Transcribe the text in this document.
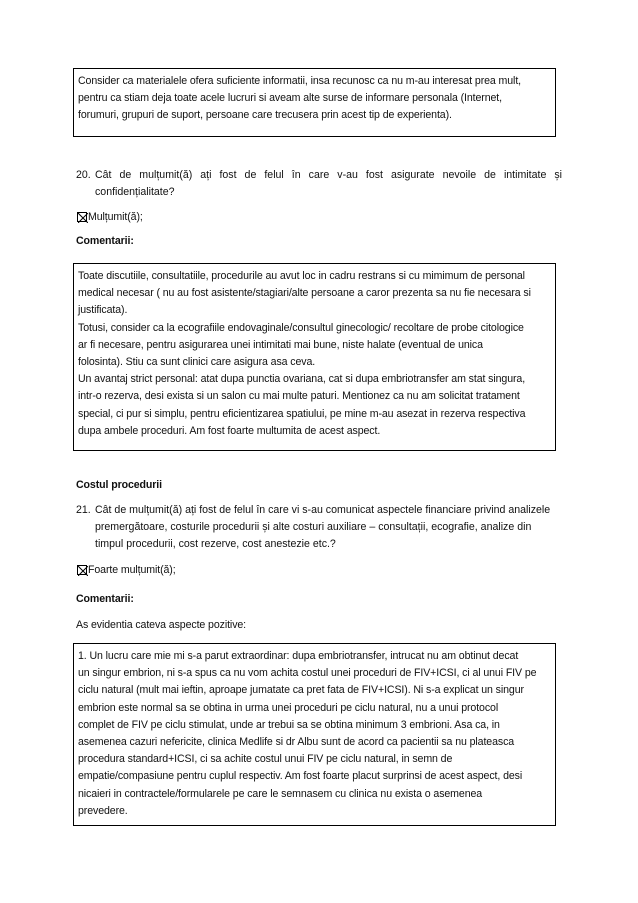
Consider ca materialele ofera suficiente informatii, insa recunosc ca nu m-au interesat prea mult,
pentru ca stiam deja toate acele lucruri si aveam alte surse de informare personala (Internet,
forumuri, grupuri de suport, persoane care trecusera prin acest tip de experienta).
20. Cât de mulțumit(ă) ați fost de felul în care v-au fost asigurate nevoile de intimitate și
confidențialitate?
Mulțumit(ă);
Comentarii:
Toate discutiile, consultatiile, procedurile au avut loc in cadru restrans si cu mimimum de personal
medical necesar ( nu au fost asistente/stagiari/alte persoane a caror prezenta sa nu fie necesara si
justificata).
Totusi, consider ca la ecografiile endovaginale/consultul ginecologic/ recoltare de probe citologice
ar fi necesare, pentru asigurarea unei intimitati mai bune, niste halate (eventual de unica
folosinta). Stiu ca sunt clinici care asigura asa ceva.
Un avantaj strict personal: atat dupa punctia ovariana, cat si dupa embriotransfer am stat singura,
intr-o rezerva, desi exista si un salon cu mai multe paturi. Mentionez ca nu am solicitat tratament
special, ci pur si simplu, pentru eficientizarea spatiului, pe mine m-au asezat in rezerva respectiva
dupa ambele proceduri. Am fost foarte multumita de acest aspect.
Costul procedurii
21. Cât de mulțumit(ă) ați fost de felul în care vi s-au comunicat aspectele financiare privind analizele
premergătoare, costurile procedurii și alte costuri auxiliare – consultații, ecografie, analize din
timpul procedurii, cost rezerve, cost anestezie etc.?
Foarte mulțumit(ă);
Comentarii:
As evidentia cateva aspecte pozitive:
1. Un lucru care mie mi s-a parut extraordinar: dupa embriotransfer, intrucat nu am obtinut decat
un singur embrion, ni s-a spus ca nu vom achita costul unei proceduri de FIV+ICSI, ci al unui FIV pe
ciclu natural (mult mai ieftin, aproape jumatate ca pret fata de FIV+ICSI). Ni s-a explicat un singur
embrion este normal sa se obtina in urma unei proceduri pe ciclu natural, nu a unui protocol
complet de FIV pe ciclu stimulat, unde ar trebui sa se obtina minimum 3 embrioni. Asa ca, in
asemenea cazuri nefericite, clinica Medlife si dr Albu sunt de acord ca pacientii sa nu plateasca
procedura standard+ICSI, ci sa achite costul unui FIV pe ciclu natural, in semn de
empatie/compasiune pentru cuplul respectiv. Am fost foarte placut surprinsi de acest aspect, desi
nicaieri in contractele/formularele pe care le semnasem cu clinica nu exista o asemenea
prevedere.
